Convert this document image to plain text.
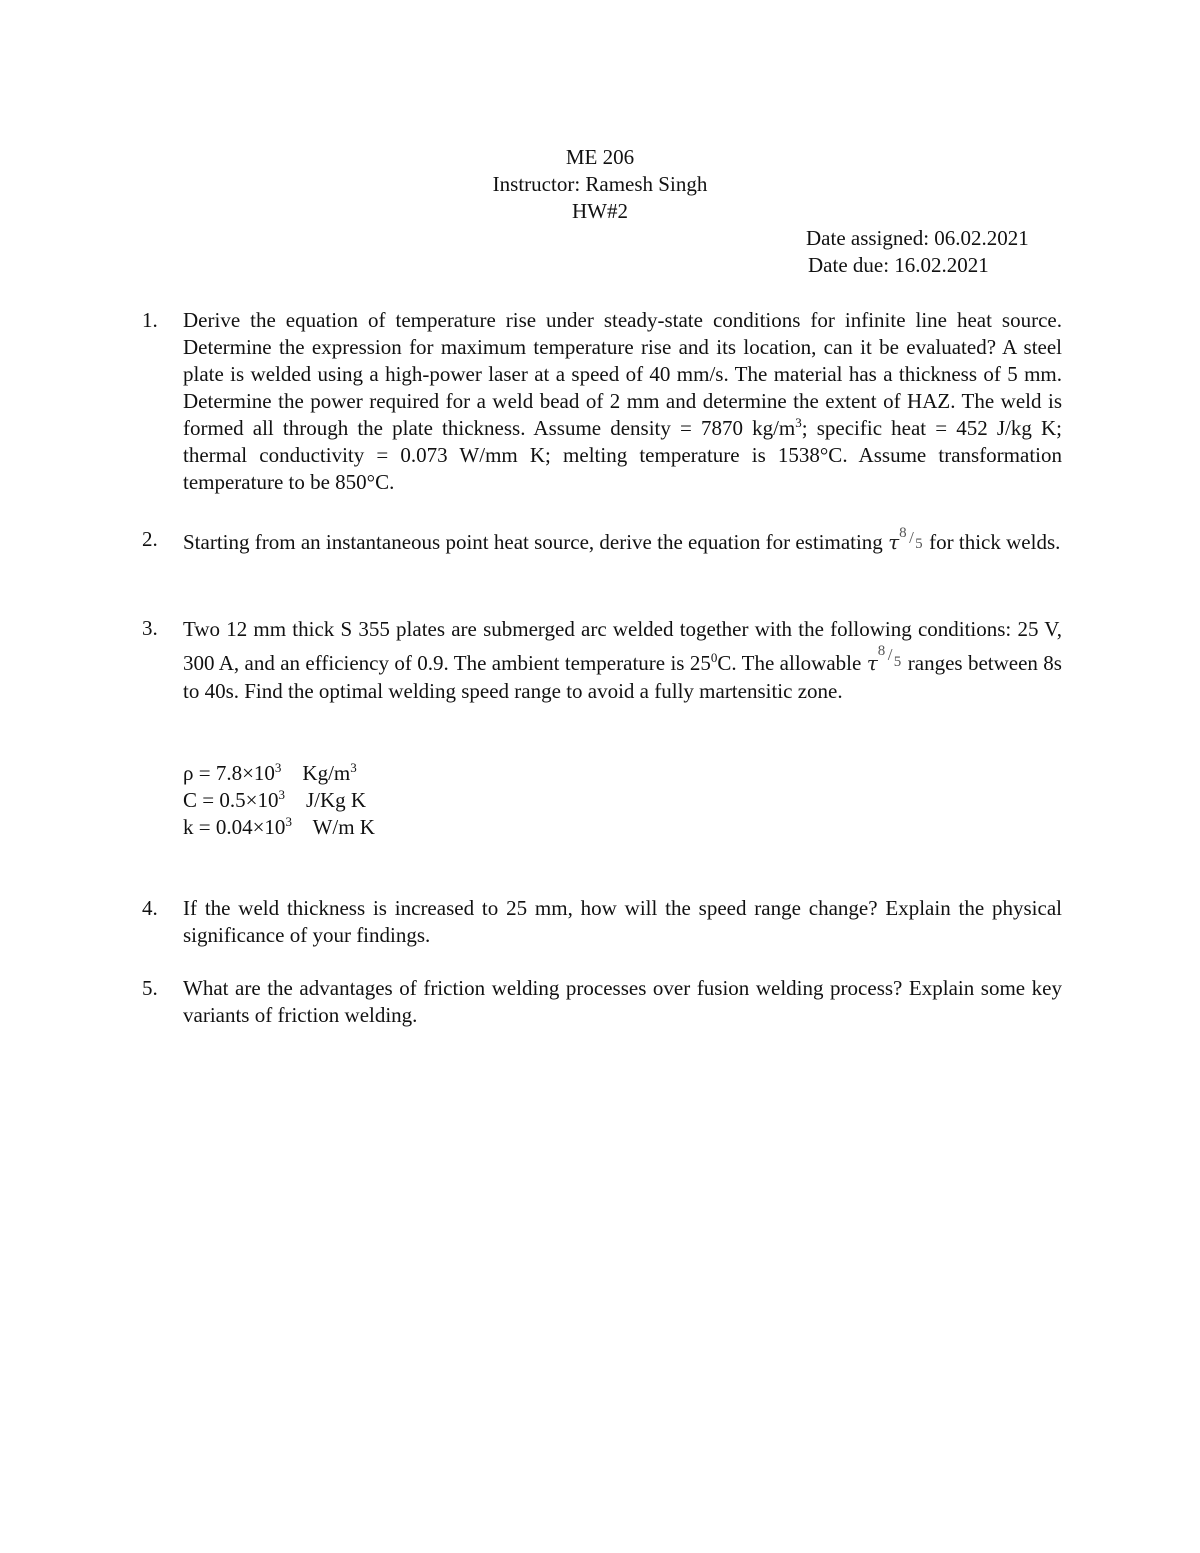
ME 206
Instructor: Ramesh Singh
HW#2
Date assigned: 06.02.2021
Date due: 16.02.2021
1.	Derive the equation of temperature rise under steady-state conditions for infinite line heat source. Determine the expression for maximum temperature rise and its location, can it be evaluated? A steel plate is welded using a high-power laser at a speed of 40 mm/s. The material has a thickness of 5 mm. Determine the power required for a weld bead of 2 mm and determine the extent of HAZ. The weld is formed all through the plate thickness. Assume density = 7870 $kg/m^3$; specific heat = 452 J/kg K; thermal conductivity = 0.073 W/mm K; melting temperature is 1538°C. Assume transformation temperature to be 850°C.

2.	Starting from an instantaneous point heat source, derive the equation for estimating τ 8 / 5 for thick welds.

3.	Two 12 mm thick S 355 plates are submerged arc welded together with the following conditions: 25 V, 300 A, and an efficiency of 0.9. The ambient temperature is $25^0C$. The allowable τ 8 / 5 ranges between 8s to 40s. Find the optimal welding speed range to avoid a fully martensitic zone.

$\rho = 7.8\times 10^3$ $Kg/m^3$
$C = 0.5\times 10^3$ J/Kg K
$k = 0.04\times 10^3$ W/m K
4.	If the weld thickness is increased to 25 mm, how will the speed range change? Explain the physical significance of your findings.

5.	What are the advantages of friction welding processes over fusion welding process? Explain some key variants of friction welding.
